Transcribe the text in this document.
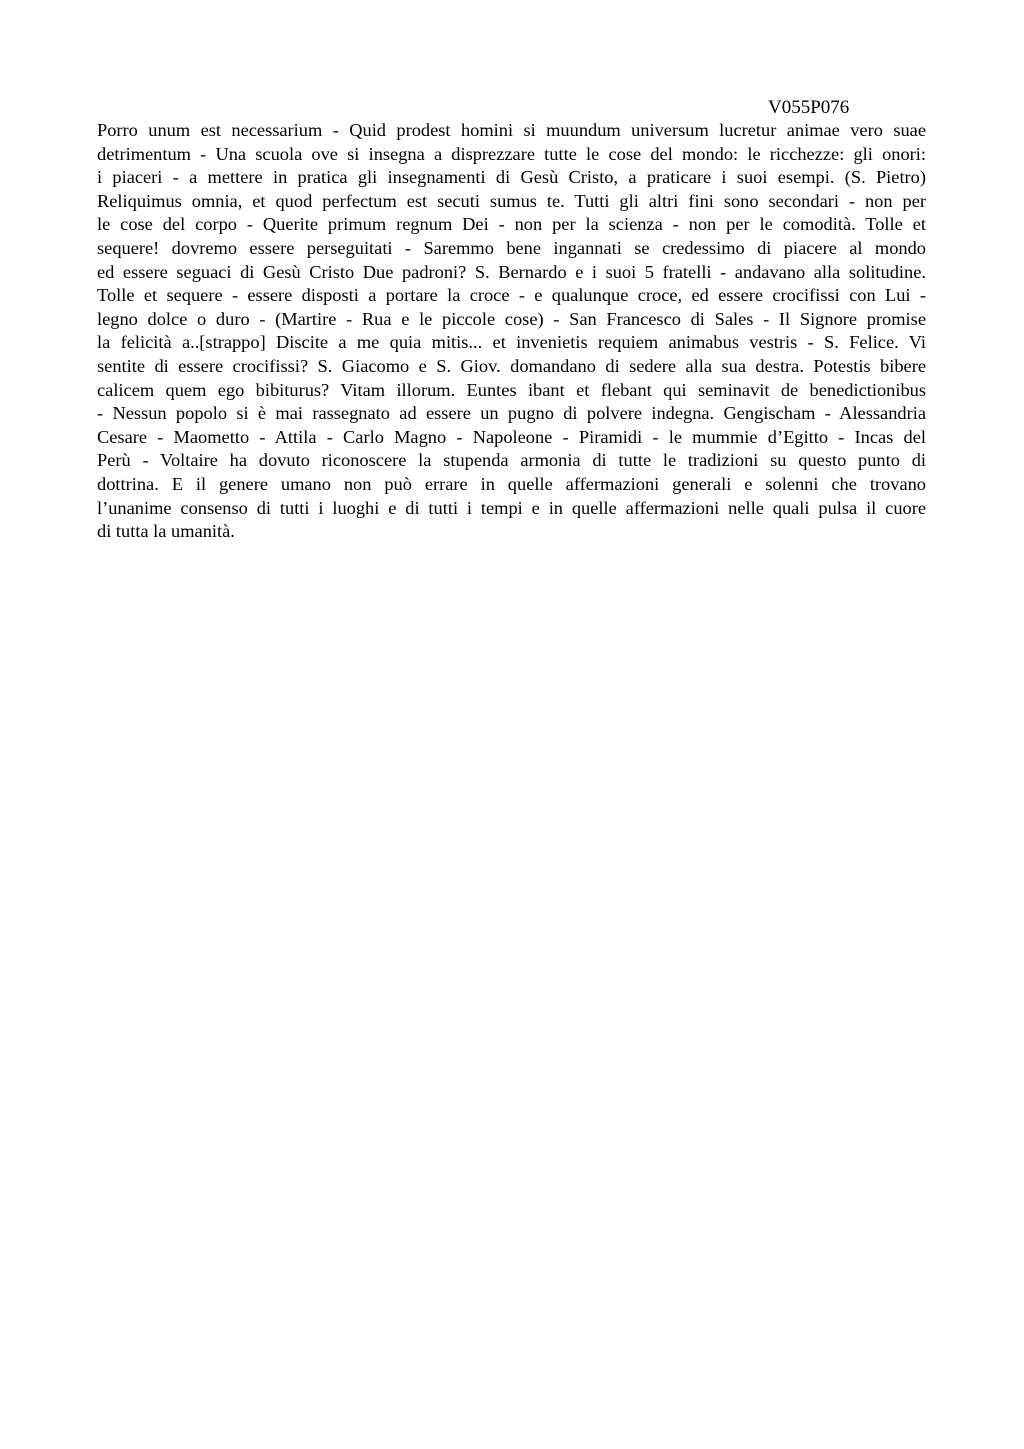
V055P076
Porro unum est necessarium - Quid prodest homini si muundum universum lucretur animae vero suae
detrimentum - Una scuola ove si insegna a disprezzare tutte le cose del mondo: le ricchezze: gli onori:
i piaceri - a mettere in pratica gli insegnamenti di Gesù Cristo, a praticare i suoi esempi. (S. Pietro)
Reliquimus omnia, et quod perfectum est secuti sumus te. Tutti gli altri fini sono secondari - non per
le cose del corpo - Querite primum regnum Dei - non per la scienza - non per le comodità. Tolle et
sequere! dovremo essere perseguitati - Saremmo bene ingannati se credessimo di piacere al mondo
ed essere seguaci di Gesù Cristo Due padroni? S. Bernardo e i suoi 5 fratelli - andavano alla solitudine.
Tolle et sequere - essere disposti a portare la croce - e qualunque croce, ed essere crocifissi con Lui -
legno dolce o duro - (Martire - Rua e le piccole cose) - San Francesco di Sales - Il Signore promise
la felicità a..[strappo] Discite a me quia mitis... et invenietis requiem animabus vestris - S. Felice. Vi
sentite di essere crocifissi? S. Giacomo e S. Giov. domandano di sedere alla sua destra. Potestis bibere
calicem quem ego bibiturus? Vitam illorum. Euntes ibant et flebant qui seminavit de benedictionibus
- Nessun popolo si è mai rassegnato ad essere un pugno di polvere indegna. Gengischam - Alessandria
Cesare - Maometto - Attila - Carlo Magno - Napoleone - Piramidi - le mummie d’Egitto - Incas del
Perù - Voltaire ha dovuto riconoscere la stupenda armonia di tutte le tradizioni su questo punto di
dottrina. E il genere umano non può errare in quelle affermazioni generali e solenni che trovano
l’unanime consenso di tutti i luoghi e di tutti i tempi e in quelle affermazioni nelle quali pulsa il cuore
di tutta la umanità.
